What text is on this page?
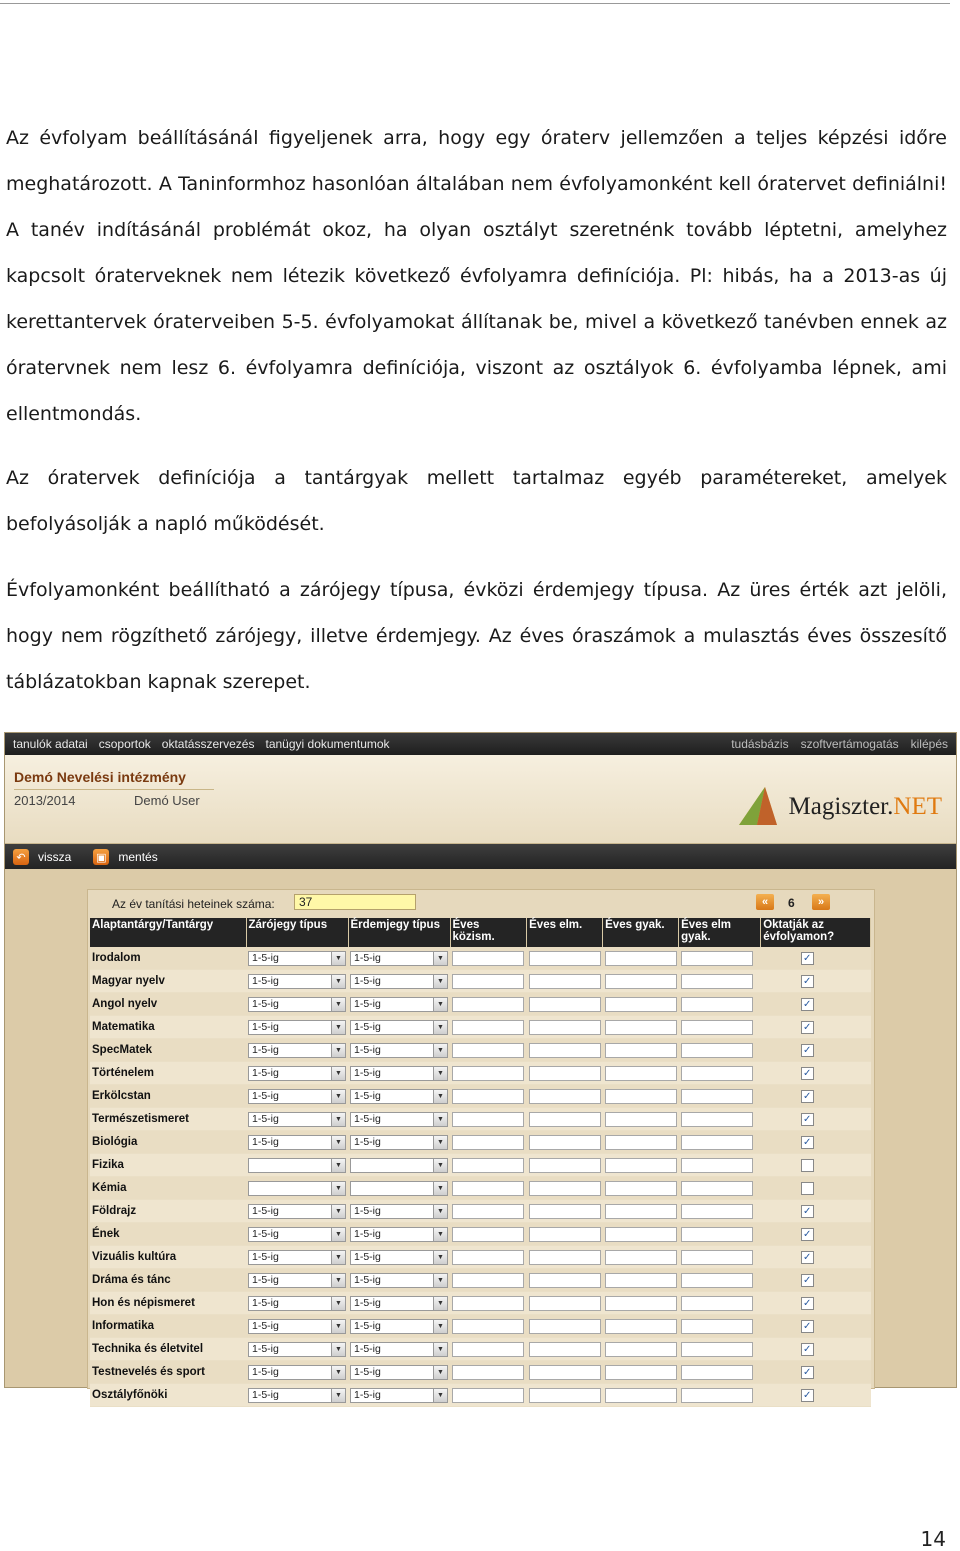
Az évfolyam beállításánál figyeljenek arra, hogy egy óraterv jellemzően a teljes képzési időre meghatározott. A Taninformhoz hasonlóan általában nem évfolyamonként kell óratervet definiálni! A tanév indításánál problémát okoz, ha olyan osztályt szeretnénk tovább léptetni, amelyhez kapcsolt óraterveknek nem létezik következő évfolyamra definíciója. Pl: hibás, ha a 2013-as új kerettantervek óraterveiben 5-5. évfolyamokat állítanak be, mivel a következő tanévben ennek az óratervnek nem lesz 6. évfolyamra definíciója, viszont az osztályok 6. évfolyamba lépnek, ami ellentmondás.

Az óratervek definíciója a tantárgyak mellett tartalmaz egyéb paramétereket, amelyek befolyásolják a napló működését.

Évfolyamonként beállítható a zárójegy típusa, évközi érdemjegy típusa. Az üres érték azt jelöli, hogy nem rögzíthető zárójegy, illetve érdemjegy. Az éves óraszámok a mulasztás éves összesítő táblázatokban kapnak szerepet.

tanulók adatai csoportok oktatásszervezés tanügyi dokumentumok	tudásbázis szoftvertámogatás kilépés
Demó Nevelési intézmény
2013/2014	Demó User	Magiszter.NET
↶ vissza ▣ mentés
Az év tanítási heteinek száma:
37	« 6 »
Alaptantárgy/Tantárgy	Zárójegy típus	Érdemjegy típus	Éves közism.	Éves elm.	Éves gyak.	Éves elm gyak.	Oktatják az évfolyamon?
Irodalom	1-5-ig ▼	1-5-ig ▼					✓

Magyar nyelv	1-5-ig ▼	1-5-ig ▼					✓

Angol nyelv	1-5-ig ▼	1-5-ig ▼					✓

Matematika	1-5-ig ▼	1-5-ig ▼					✓

SpecMatek	1-5-ig ▼	1-5-ig ▼					✓

Történelem	1-5-ig ▼	1-5-ig ▼					✓

Erkölcstan	1-5-ig ▼	1-5-ig ▼					✓

Természetismeret	1-5-ig ▼	1-5-ig ▼					✓

Biológia	1-5-ig ▼	1-5-ig ▼					✓

Fizika	▼	▼					

Kémia	▼	▼					

Földrajz	1-5-ig ▼	1-5-ig ▼					✓

Ének	1-5-ig ▼	1-5-ig ▼					✓

Vizuális kultúra	1-5-ig ▼	1-5-ig ▼					✓

Dráma és tánc	1-5-ig ▼	1-5-ig ▼					✓

Hon és népismeret	1-5-ig ▼	1-5-ig ▼					✓

Informatika	1-5-ig ▼	1-5-ig ▼					✓

Technika és életvitel	1-5-ig ▼	1-5-ig ▼					✓

Testnevelés és sport	1-5-ig ▼	1-5-ig ▼					✓

Osztályfőnöki	1-5-ig ▼	1-5-ig ▼					✓
14
